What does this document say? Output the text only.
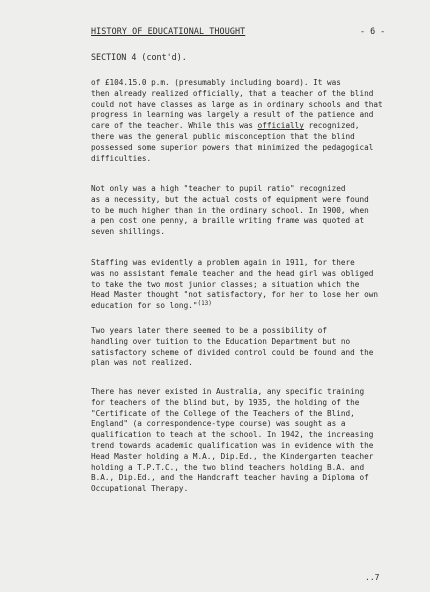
HISTORY OF EDUCATIONAL THOUGHT	- 6 -
SECTION 4 (cont'd).
of £104.15.0 p.m. (presumably including board). It was
then already realized officially, that a teacher of the blind
could not have classes as large as in ordinary schools and that
progress in learning was largely a result of the patience and
care of the teacher. While this was officially recognized,
there was the general public misconception that the blind
possessed some superior powers that minimized the pedagogical
difficulties.
Not only was a high "teacher to pupil ratio" recognized
as a necessity, but the actual costs of equipment were found
to be much higher than in the ordinary school. In 1900, when
a pen cost one penny, a braille writing frame was quoted at
seven shillings.
Staffing was evidently a problem again in 1911, for there
was no assistant female teacher and the head girl was obliged
to take the two most junior classes; a situation which the
Head Master thought "not satisfactory, for her to lose her own
education for so long."$^{(13)}$
Two years later there seemed to be a possibility of
handling over tuition to the Education Department but no
satisfactory scheme of divided control could be found and the
plan was not realized.
There has never existed in Australia, any specific training
for teachers of the blind but, by 1935, the holding of the
"Certificate of the College of the Teachers of the Blind,
England" (a correspondence-type course) was sought as a
qualification to teach at the school. In 1942, the increasing
trend towards academic qualification was in evidence with the
Head Master holding a M.A., Dip.Ed., the Kindergarten teacher
holding a T.P.T.C., the two blind teachers holding B.A. and
B.A., Dip.Ed., and the Handcraft teacher having a Diploma of
Occupational Therapy.
..7
